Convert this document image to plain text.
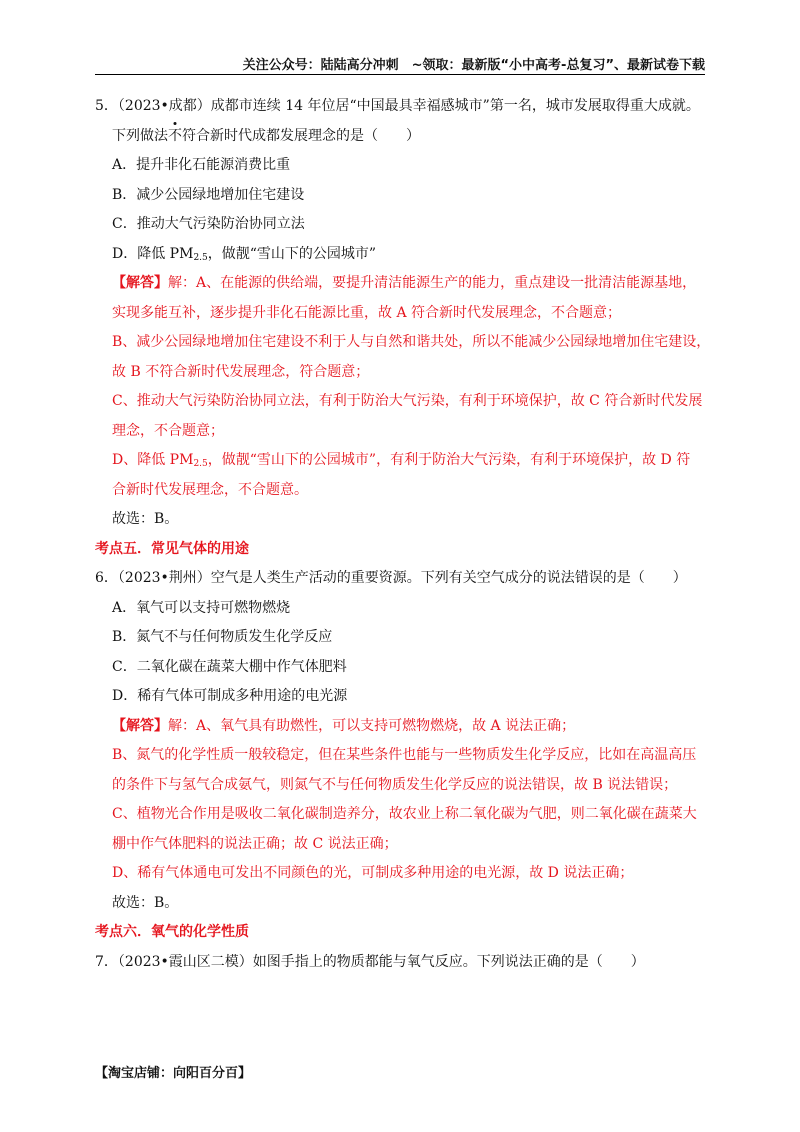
关注公众号：陆陆高分冲刺　~领取：最新版“小中高考-总复习”、最新试卷下载
5．（2023•成都）成都市连续 14 年位居“中国最具幸福感城市”第一名，城市发展取得重大成就。
下列做法不符合新时代成都发展理念的是（　　）
A．提升非化石能源消费比重
B．减少公园绿地增加住宅建设
C．推动大气污染防治协同立法
D．降低 $PM_{2.5}$，做靓“雪山下的公园城市”
【解答】解：A、在能源的供给端，要提升清洁能源生产的能力，重点建设一批清洁能源基地，
实现多能互补，逐步提升非化石能源比重，故 A 符合新时代发展理念，不合题意；
B、减少公园绿地增加住宅建设不利于人与自然和谐共处，所以不能减少公园绿地增加住宅建设，
故 B 不符合新时代发展理念，符合题意；
C、推动大气污染防治协同立法，有利于防治大气污染，有利于环境保护，故 C 符合新时代发展
理念，不合题意；
D、降低 $PM_{2.5}$，做靓“雪山下的公园城市”，有利于防治大气污染，有利于环境保护，故 D 符
合新时代发展理念，不合题意。
故选：B。
考点五．常见气体的用途
6．（2023•荆州）空气是人类生产活动的重要资源。下列有关空气成分的说法错误的是（　　）
A．氧气可以支持可燃物燃烧
B．氮气不与任何物质发生化学反应
C．二氧化碳在蔬菜大棚中作气体肥料
D．稀有气体可制成多种用途的电光源
【解答】解：A、氧气具有助燃性，可以支持可燃物燃烧，故 A 说法正确；
B、氮气的化学性质一般较稳定，但在某些条件也能与一些物质发生化学反应，比如在高温高压
的条件下与氢气合成氨气，则氮气不与任何物质发生化学反应的说法错误，故 B 说法错误；
C、植物光合作用是吸收二氧化碳制造养分，故农业上称二氧化碳为气肥，则二氧化碳在蔬菜大
棚中作气体肥料的说法正确；故 C 说法正确；
D、稀有气体通电可发出不同颜色的光，可制成多种用途的电光源，故 D 说法正确；
故选：B。
考点六．氧气的化学性质
7．（2023•霞山区二模）如图手指上的物质都能与氧气反应。下列说法正确的是（　　）
【淘宝店铺：向阳百分百】
